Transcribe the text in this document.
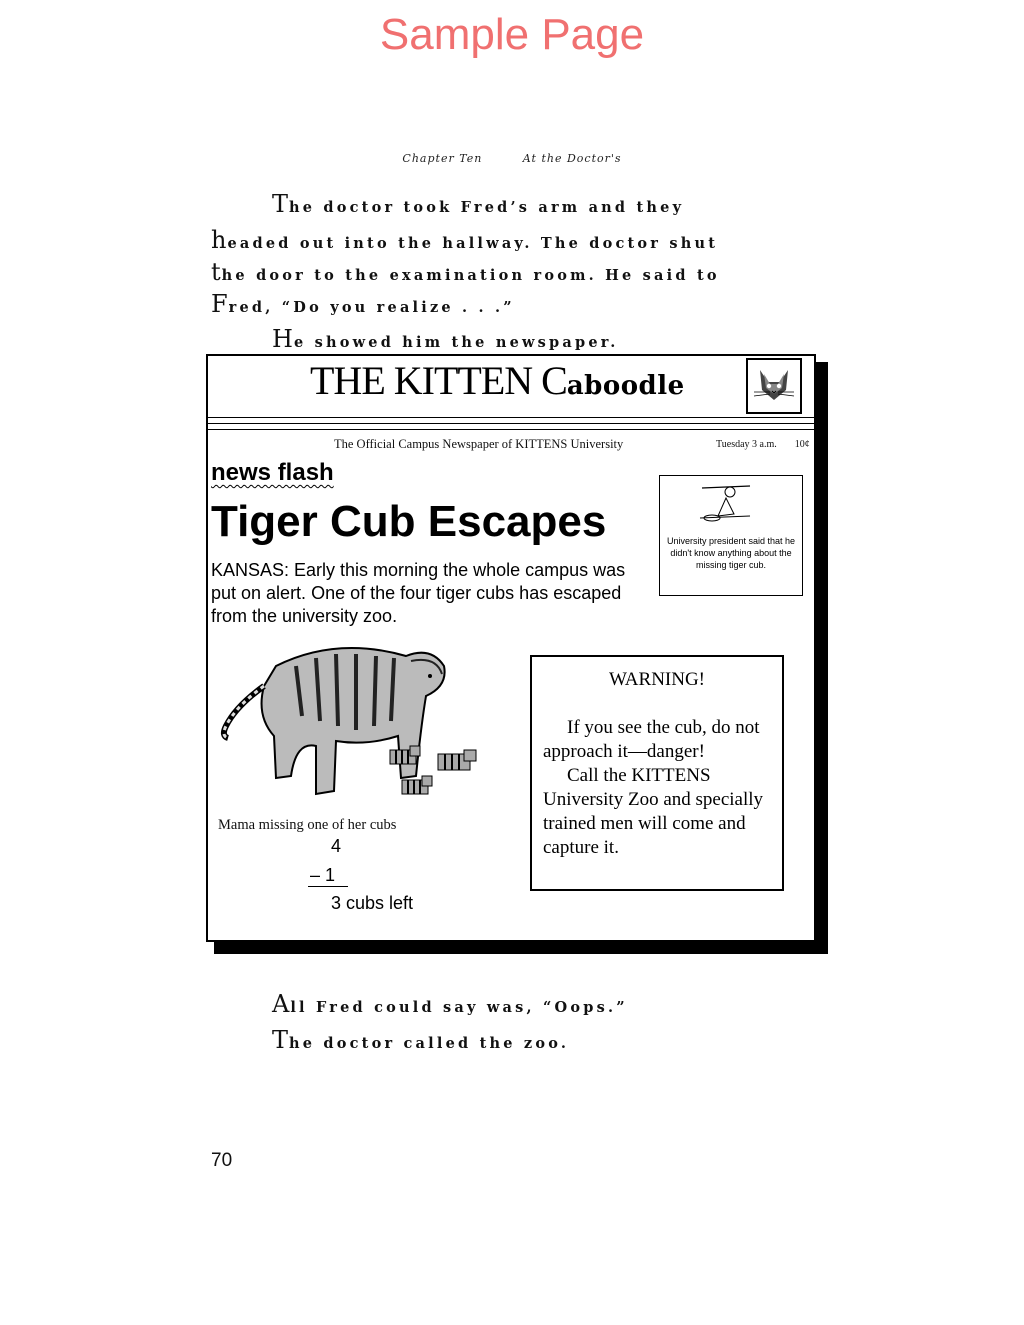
Sample Page
Chapter Ten	At the Doctor's
The doctor took Fred’s arm and they
headed out into the hallway. The doctor shut
the door to the examination room. He said to
Fred, “Do you realize . . .”
He showed him the newspaper.
THE KITTEN Caboodle
The Official Campus Newspaper of KITTENS University	Tuesday 3 a.m. 10¢
news flash
Tiger Cub Escapes
KANSAS: Early this morning the whole campus was put on alert. One of the four tiger cubs has escaped from the university zoo.
University president said that he didn't know anything about the missing tiger cub.
Mama missing one of her cubs
4
– 1
3 cubs left
WARNING!

If you see the cub, do not approach it—danger!

Call the KITTENS University Zoo and specially trained men will come and capture it.

All Fred could say was, “Oops.”
The doctor called the zoo.
70
